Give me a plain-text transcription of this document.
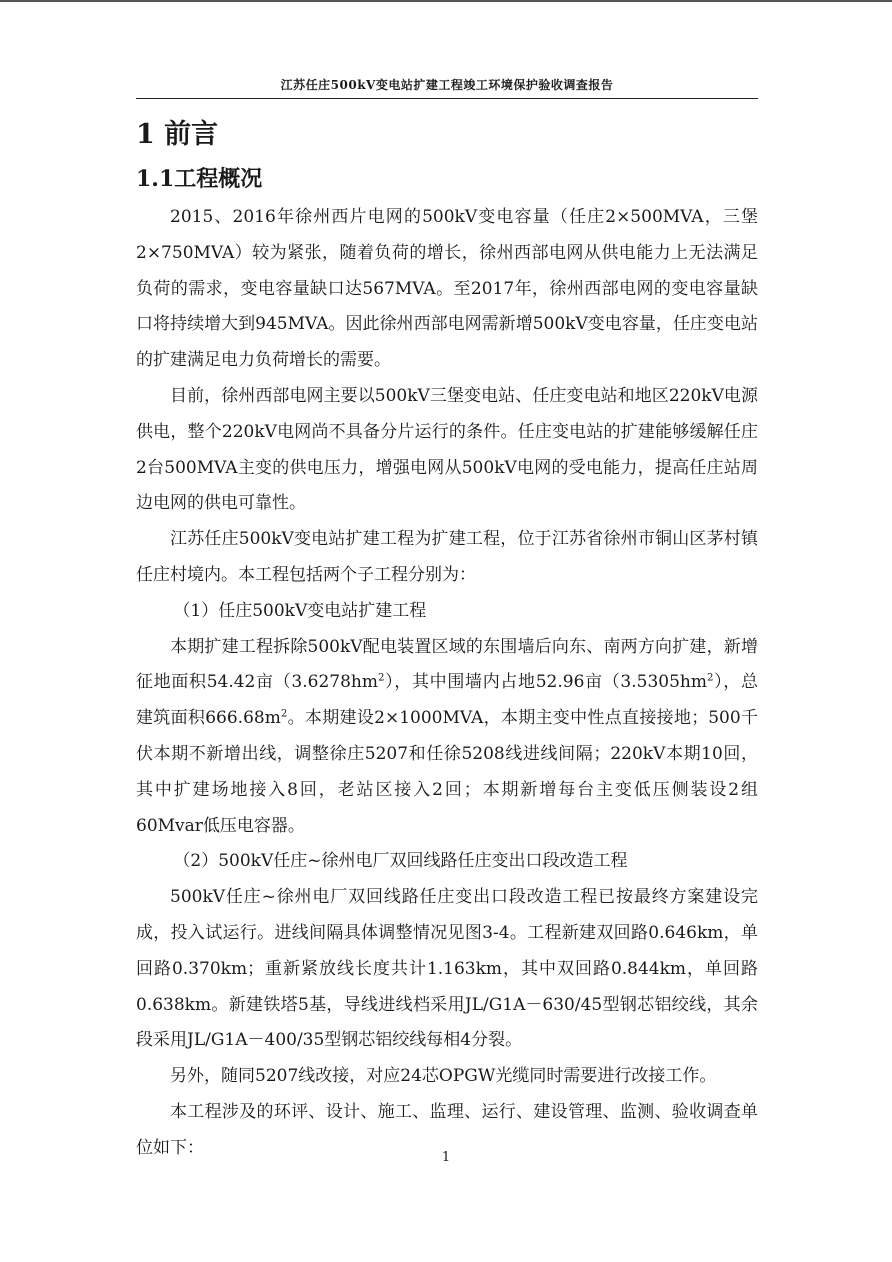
江苏任庄500kV变电站扩建工程竣工环境保护验收调查报告
1 前言
1.1工程概况

2015、2016年徐州西片电网的500kV变电容量（任庄2×500MVA，三堡2×750MVA）较为紧张，随着负荷的增长，徐州西部电网从供电能力上无法满足负荷的需求，变电容量缺口达567MVA。至2017年，徐州西部电网的变电容量缺口将持续增大到945MVA。因此徐州西部电网需新增500kV变电容量，任庄变电站的扩建满足电力负荷增长的需要。

目前，徐州西部电网主要以500kV三堡变电站、任庄变电站和地区220kV电源供电，整个220kV电网尚不具备分片运行的条件。任庄变电站的扩建能够缓解任庄2台500MVA主变的供电压力，增强电网从500kV电网的受电能力，提高任庄站周边电网的供电可靠性。

江苏任庄500kV变电站扩建工程为扩建工程，位于江苏省徐州市铜山区茅村镇任庄村境内。本工程包括两个子工程分别为：

（1）任庄500kV变电站扩建工程

本期扩建工程拆除500kV配电装置区域的东围墙后向东、南两方向扩建，新增征地面积54.42亩$(3.6278hm^2)$，其中围墙内占地52.96亩$(3.5305hm^2)$，总建筑面积$666.68m^2$。本期建设2×1000MVA，本期主变中性点直接接地；500千伏本期不新增出线，调整徐庄5207和任徐5208线进线间隔；220kV本期10回，其中扩建场地接入8回，老站区接入2回；本期新增每台主变低压侧装设2组60Mvar低压电容器。

（2）500kV任庄~徐州电厂双回线路任庄变出口段改造工程

500kV任庄~徐州电厂双回线路任庄变出口段改造工程已按最终方案建设完成，投入试运行。进线间隔具体调整情况见图3-4。工程新建双回路0.646km，单回路0.370km；重新紧放线长度共计1.163km，其中双回路0.844km，单回路0.638km。新建铁塔5基，导线进线档采用JL/G1A－630/45型钢芯铝绞线，其余段采用JL/G1A－400/35型钢芯铝绞线每相4分裂。

另外，随同5207线改接，对应24芯OPGW光缆同时需要进行改接工作。

本工程涉及的环评、设计、施工、监理、运行、建设管理、监测、验收调查单位如下：	1
